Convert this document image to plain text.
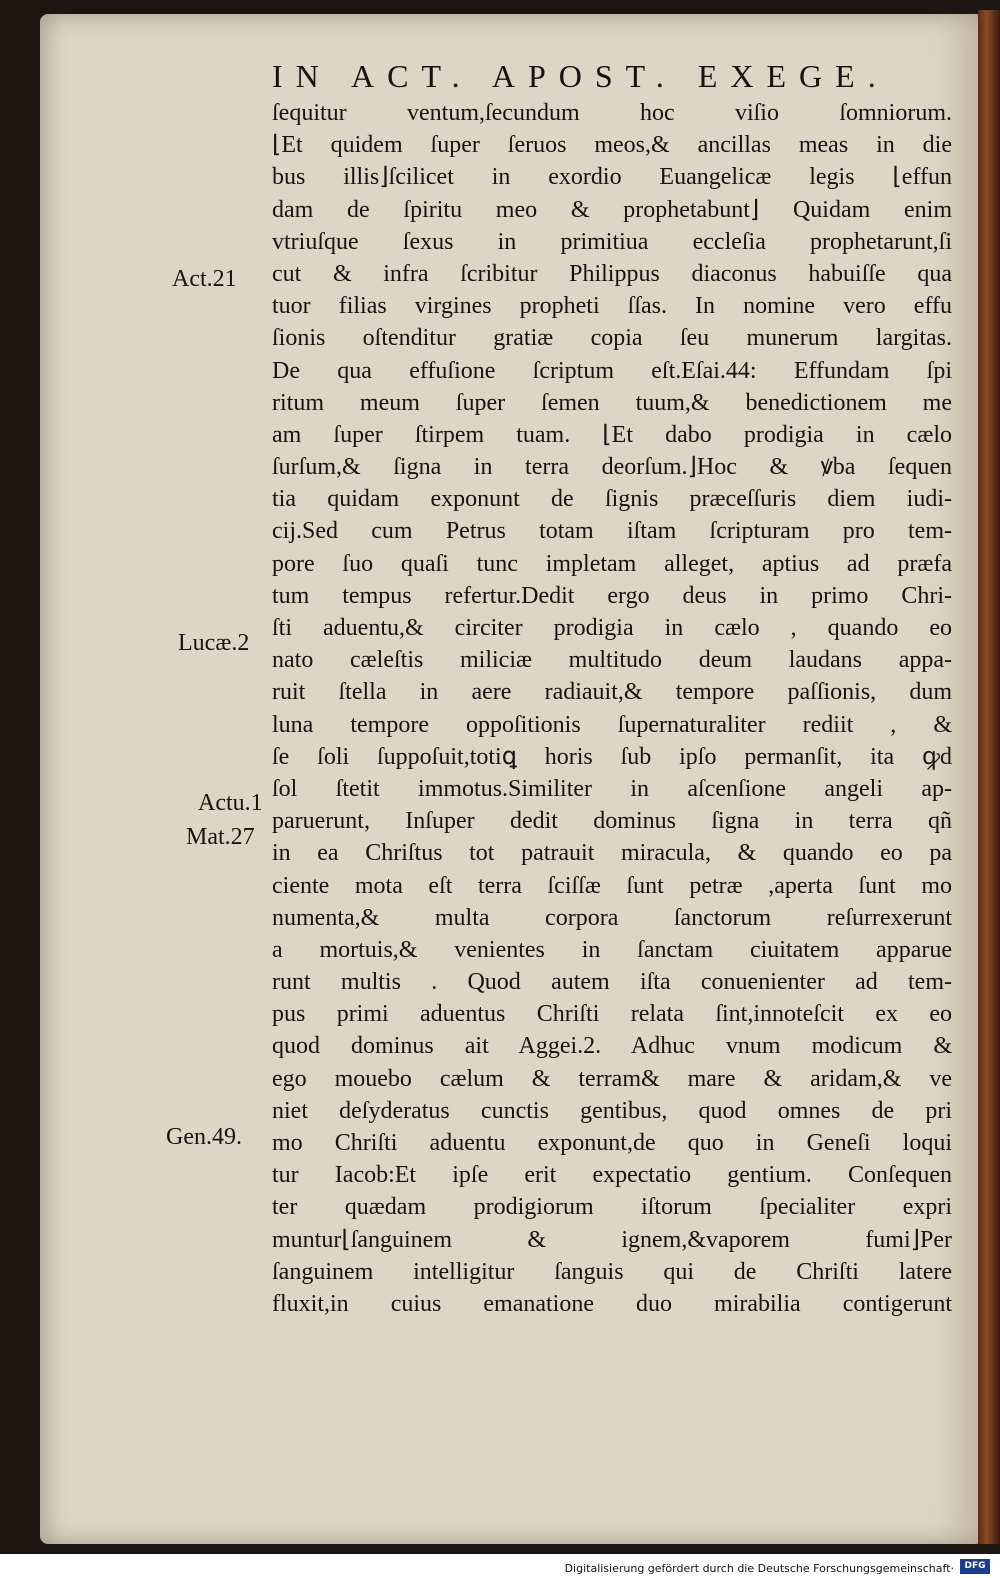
IN ACT. APOST. EXEGE.
ſequitur ventum,ſecundum hoc viſio ſomniorum.
⌊Et quidem ſuper ſeruos meos,& ancillas meas in die
bus illis⌋ſcilicet in exordio Euangelicæ legis ⌊effun
dam de ſpiritu meo & prophetabunt⌋ Quidam enim
vtriuſque ſexus in primitiua eccleſia prophetarunt,ſi
cut & infra ſcribitur Philippus diaconus habuiſſe qua
tuor filias virgines propheti ſſas. In nomine vero effu
ſionis oſtenditur gratiæ copia ſeu munerum largitas.
De qua effuſione ſcriptum eſt.Eſai.44: Effundam ſpi
ritum meum ſuper ſemen tuum,& benedictionem me
am ſuper ſtirpem tuam. ⌊Et dabo prodigia in cælo
ſurſum,& ſigna in terra deorſum.⌋Hoc & ꝟba ſequen
tia quidam exponunt de ſignis præceſſuris diem iudi-
cij.Sed cum Petrus totam iſtam ſcripturam pro tem-
pore ſuo quaſi tunc impletam alleget, aptius ad præfa
tum tempus refertur.Dedit ergo deus in primo Chri-
ſti aduentu,& circiter prodigia in cælo , quando eo
nato cæleſtis miliciæ multitudo deum laudans appa-
ruit ſtella in aere radiauit,& tempore paſſionis, dum
luna tempore oppoſitionis ſupernaturaliter rediit , &
ſe ſoli ſuppoſuit,totiꝗ horis ſub ipſo permanſit, ita ꝙd
ſol ſtetit immotus.Similiter in aſcenſione angeli ap-
paruerunt, Inſuper dedit dominus ſigna in terra qñ
in ea Chriſtus tot patrauit miracula, & quando eo pa
ciente mota eſt terra ſciſſæ ſunt petræ ,aperta ſunt mo
numenta,& multa corpora ſanctorum reſurrexerunt
a mortuis,& venientes in ſanctam ciuitatem apparue
runt multis . Quod autem iſta conuenienter ad tem-
pus primi aduentus Chriſti relata ſint,innoteſcit ex eo
quod dominus ait Aggei.2. Adhuc vnum modicum &
ego mouebo cælum & terram& mare & aridam,& ve
niet deſyderatus cunctis gentibus, quod omnes de pri
mo Chriſti aduentu exponunt,de quo in Geneſi loqui
tur Iacob:Et ipſe erit expectatio gentium. Conſequen
ter quædam prodigiorum iſtorum ſpecialiter expri
muntur⌊ſanguinem & ignem,&vaporem fumi⌋Per
ſanguinem intelligitur ſanguis qui de Chriſti latere
fluxit,in cuius emanatione duo mirabilia contigerunt
Act.21
Lucæ.2
Actu.1
Mat.27
Gen.49.
Digitalisierung gefördert durch die Deutsche Forschungsgemeinschaft·	DFG
